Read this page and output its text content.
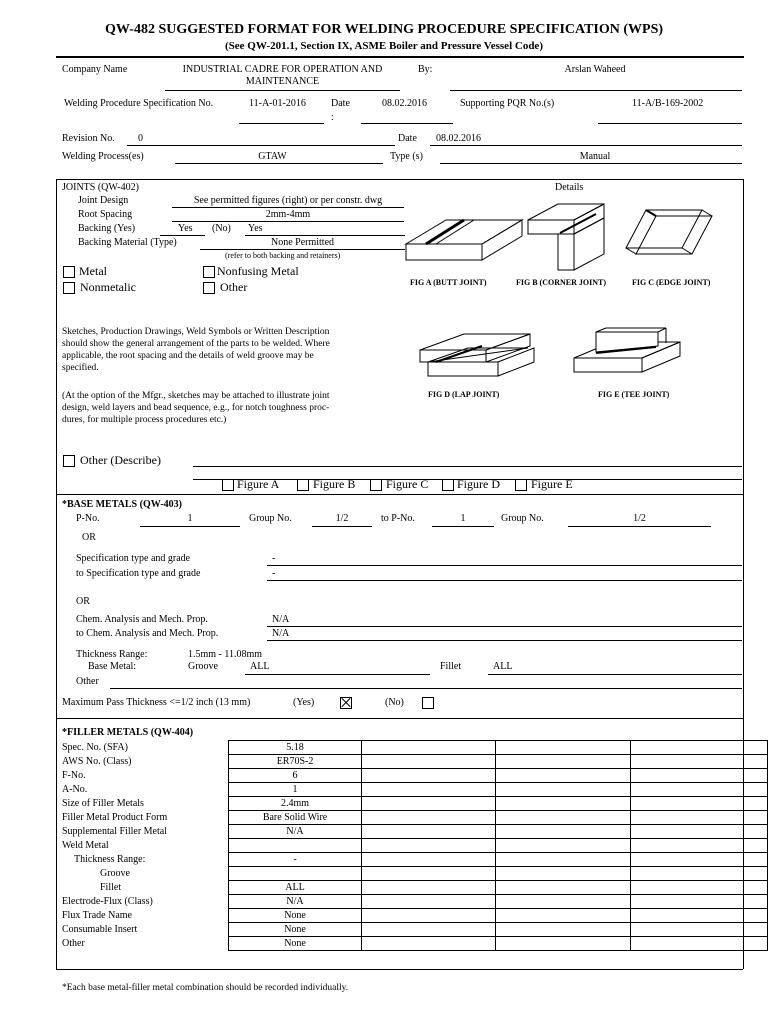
QW-482 SUGGESTED FORMAT FOR WELDING PROCEDURE SPECIFICATION (WPS)
(See QW-201.1, Section IX, ASME Boiler and Pressure Vessel Code)
Company Name	INDUSTRIAL CADRE FOR OPERATION AND
MAINTENANCE
By:	Arslan Waheed
Welding Procedure Specification No.	11-A-01-2016	Date
:
08.02.2016	Supporting PQR No.(s)	11-A/B-169-2002
Revision No. 0	Date 08.02.2016
Welding Process(es)	GTAW	Type (s)	Manual
JOINTS (QW-402)	Details
Joint Design	See permitted figures (right) or per constr. dwg
Root Spacing	2mm-4mm
Backing (Yes)	Yes (No) Yes
Backing Material (Type)	None Permitted
(refer to both backing and retainers)
Metal	Nonfusing Metal
Nonmetalic	Other	FIG A (BUTT JOINT)	FIG B (CORNER JOINT)	FIG C (EDGE JOINT)
FIG D (LAP JOINT)	FIG E (TEE JOINT)
Sketches, Production Drawings, Weld Symbols or Written Description
should show the general arrangement of the parts to be welded. Where
applicable, the root spacing and the details of weld groove may be
specified.
(At the option of the Mfgr., sketches may be attached to illustrate joint
design, weld layers and bead sequence, e.g., for notch toughness proc-
dures, for multiple process procedures etc.)
Other (Describe)
Figure A	Figure B	Figure C Figure D	Figure E
*BASE METALS (QW-403)
P-No.	1	Group No.	1/2	to P-No.	1	Group No.	1/2
OR
Specification type and grade	-
to Specification type and grade	-
OR
Chem. Analysis and Mech. Prop.	N/A
to Chem. Analysis and Mech. Prop.	N/A
Thickness Range:	1.5mm - 11.08mm
Base Metal:	Groove	ALL	Fillet	ALL
Other
Maximum Pass Thickness <=1/2 inch (13 mm)	(Yes)	(No)
*FILLER METALS (QW-404)
Spec. No. (SFA)	5.18			
AWS No. (Class)	ER70S-2			
F-No.	6			
A-No.	1			
Size of Filler Metals	2.4mm			
Filler Metal Product Form	Bare Solid Wire			
Supplemental Filler Metal	N/A			
Weld Metal				
Thickness Range:	-			
Groove				
Fillet	ALL			
Electrode-Flux (Class)	N/A			
Flux Trade Name	None			
Consumable Insert	None			
Other	None			
*Each base metal-filler metal combination should be recorded individually.
